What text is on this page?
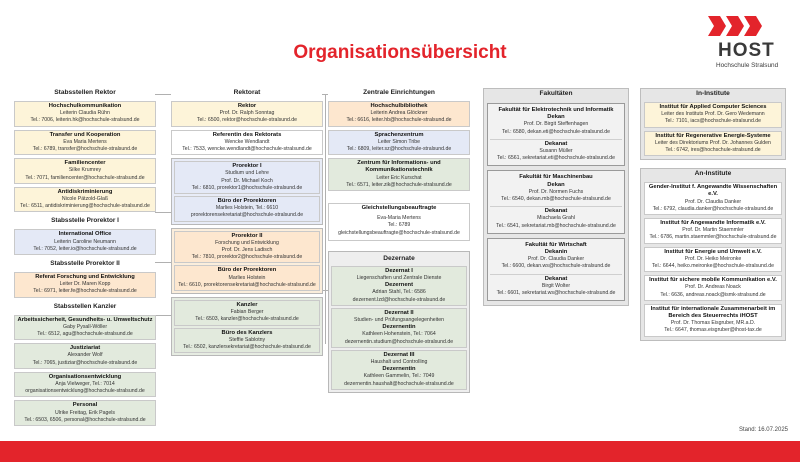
HOST
Hochschule Stralsund
Organisationsübersicht
Stabsstellen Rektor
Hochschulkommunikation
Leiterin Claudia Rühn
Tel.: 7006, leiterin.hk@hochschule-stralsund.de
Transfer und Kooperation
Eva Maria Mertens
Tel.: 6789, transfer@hochschule-stralsund.de
Familiencenter
Silke Krumrey
Tel.: 7071, familiencenter@hochschule-stralsund.de
Antidiskriminierung
Nicole Pätzold-Glaß
Tel.: 6511, antidiskriminierung@hochschule-stralsund.de
Stabsstelle Prorektor I
International Office
Leiterin Caroline Neumann
Tel.: 7052, leiter.io@hochschule-stralsund.de
Stabsstelle Prorektor II
Referat Forschung und Entwicklung
Leiter Dr. Maren Kopp
Tel.: 6971, leiter.fe@hochschule-stralsund.de
Stabsstellen Kanzler
Arbeitssicherheit, Gesundheits- u. Umweltschutz
Gaby Pysall-Wöller
Tel.: 6512, agu@hochschule-stralsund.de
Justiziariat
Alexander Wolf
Tel.: 7065, justiziar@hochschule-stralsund.de
Organisationsentwicklung
Anja Vielweger, Tel.: 7014
organisationsentwicklung@hochschule-stralsund.de
Personal
Ulrike Freitag, Erik Pagels
Tel.: 6503, 6506, personal@hochschule-stralsund.de
Rektorat
Rektor
Prof. Dr. Ralph Sonntag
Tel.: 6500, rektor@hochschule-stralsund.de
Referentin des Rektorats
Wencke Wendlandt
Tel.: 7533, wencke.wendlandt@hochschule-stralsund.de
Prorektor I
Studium und Lehre
Prof. Dr. Michael Koch
Tel.: 6810, prorektor1@hochschule-stralsund.de
Büro der Prorektoren
Marlies Holstein, Tel.: 6610
prorektorensekretariat@hochschule-stralsund.de
Prorektor II
Forschung und Entwicklung
Prof. Dr. Jens Ladisch
Tel.: 7810, prorektor2@hochschule-stralsund.de
Büro der Prorektoren
Marlies Holstein
Tel.: 6610, prorektorensekretariat@hochschule-stralsund.de
Kanzler
Fabian Berger
Tel.: 6503, kanzler@hochschule-stralsund.de
Büro des Kanzlers
Steffie Sablotny
Tel.: 6502, kanzlersekretariat@hochschule-stralsund.de
Zentrale Einrichtungen
Hochschulbibliothek
Leiterin Andrea Glöckner
Tel.: 6616, leiter.hb@hochschule-stralsund.de
Sprachenzentrum
Leiter Simon Tribe
Tel.: 6809, leiter.sz@hochschule-stralsund.de
Zentrum für Informations- und Kommunikationstechnik
Leiter Eric Kurschat
Tel.: 6571, leiter.zik@hochschule-stralsund.de
Gleichstellungsbeauftragte
Eva-Maria Mertens
Tel.: 6789
gleichstellungsbeauftragte@hochschule-stralsund.de
Dezernate
Dezernat I
Liegenschaften und Zentrale Dienste
Dezernent
Adrian Stahl, Tel.: 6586
dezernent.lzd@hochschule-stralsund.de
Dezernat II
Studien- und Prüfungsangelegenheiten
Dezernentin
Kathleen Hohenstein, Tel.: 7064
dezernentin.studium@hochschule-stralsund.de
Dezernat III
Haushalt und Controlling
Dezernentin
Kathleen Gammelin, Tel.: 7049
dezernentin.haushalt@hochschule-stralsund.de
Fakultäten
Fakultät für Elektrotechnik und Informatik
Dekan
Prof. Dr. Birgit Steffenhagen
Tel.: 6580, dekan.eti@hochschule-stralsund.de
Dekanat
Susann Müller
Tel.: 6561, sekretariat.eti@hochschule-stralsund.de
Fakultät für Maschinenbau
Dekan
Prof. Dr. Normen Fuchs
Tel.: 6540, dekan.mb@hochschule-stralsund.de
Dekanat
Miachaela Grahl
Tel.: 6541, sekretariat.mb@hochschule-stralsund.de
Fakultät für Wirtschaft
Dekanin
Prof. Dr. Claudia Danker
Tel.: 6600, dekan.ws@hochschule-stralsund.de
Dekanat
Birgit Wolter
Tel.: 6601, sekretariat.ws@hochschule-stralsund.de
In-Institute
Institut für Applied Computer Sciences
Leiter des Instituts Prof. Dr. Gero Wedemann
Tel.: 7101, iacs@hochschule-stralsund.de
Institut für Regenerative Energie-Systeme
Leiter des Direktoriums Prof. Dr. Johannes Gulden
Tel.: 6742, ires@hochschule-stralsund.de
An-Institute
Gender-Institut f. Angewandte Wissenschaften e.V.
Prof. Dr. Claudia Danker
Tel.: 6792, claudia.danker@hochschule-stralsund.de
Institut für Angewandte Informatik e.V.
Prof. Dr. Martin Staemmler
Tel.: 6786, martin.staemmler@hochschule-stralsund.de
Institut für Energie und Umwelt e.V.
Prof. Dr. Heiko Meironke
Tel.: 6644, heiko.meironke@hochschule-stralsund.de
Institut für sichere mobile Kommunikation e.V.
Prof. Dr. Andreas Noack
Tel.: 6636, andreas.noack@ismk-stralsund.de
Institut für internationale Zusammenarbeit im Bereich des Steuerrechts iHOST
Prof. Dr. Thomas Eisgruber, MR.a.D.
Tel.: 6647, thomas.eisgruber@ihost-tax.de
Stand: 16.07.2025
